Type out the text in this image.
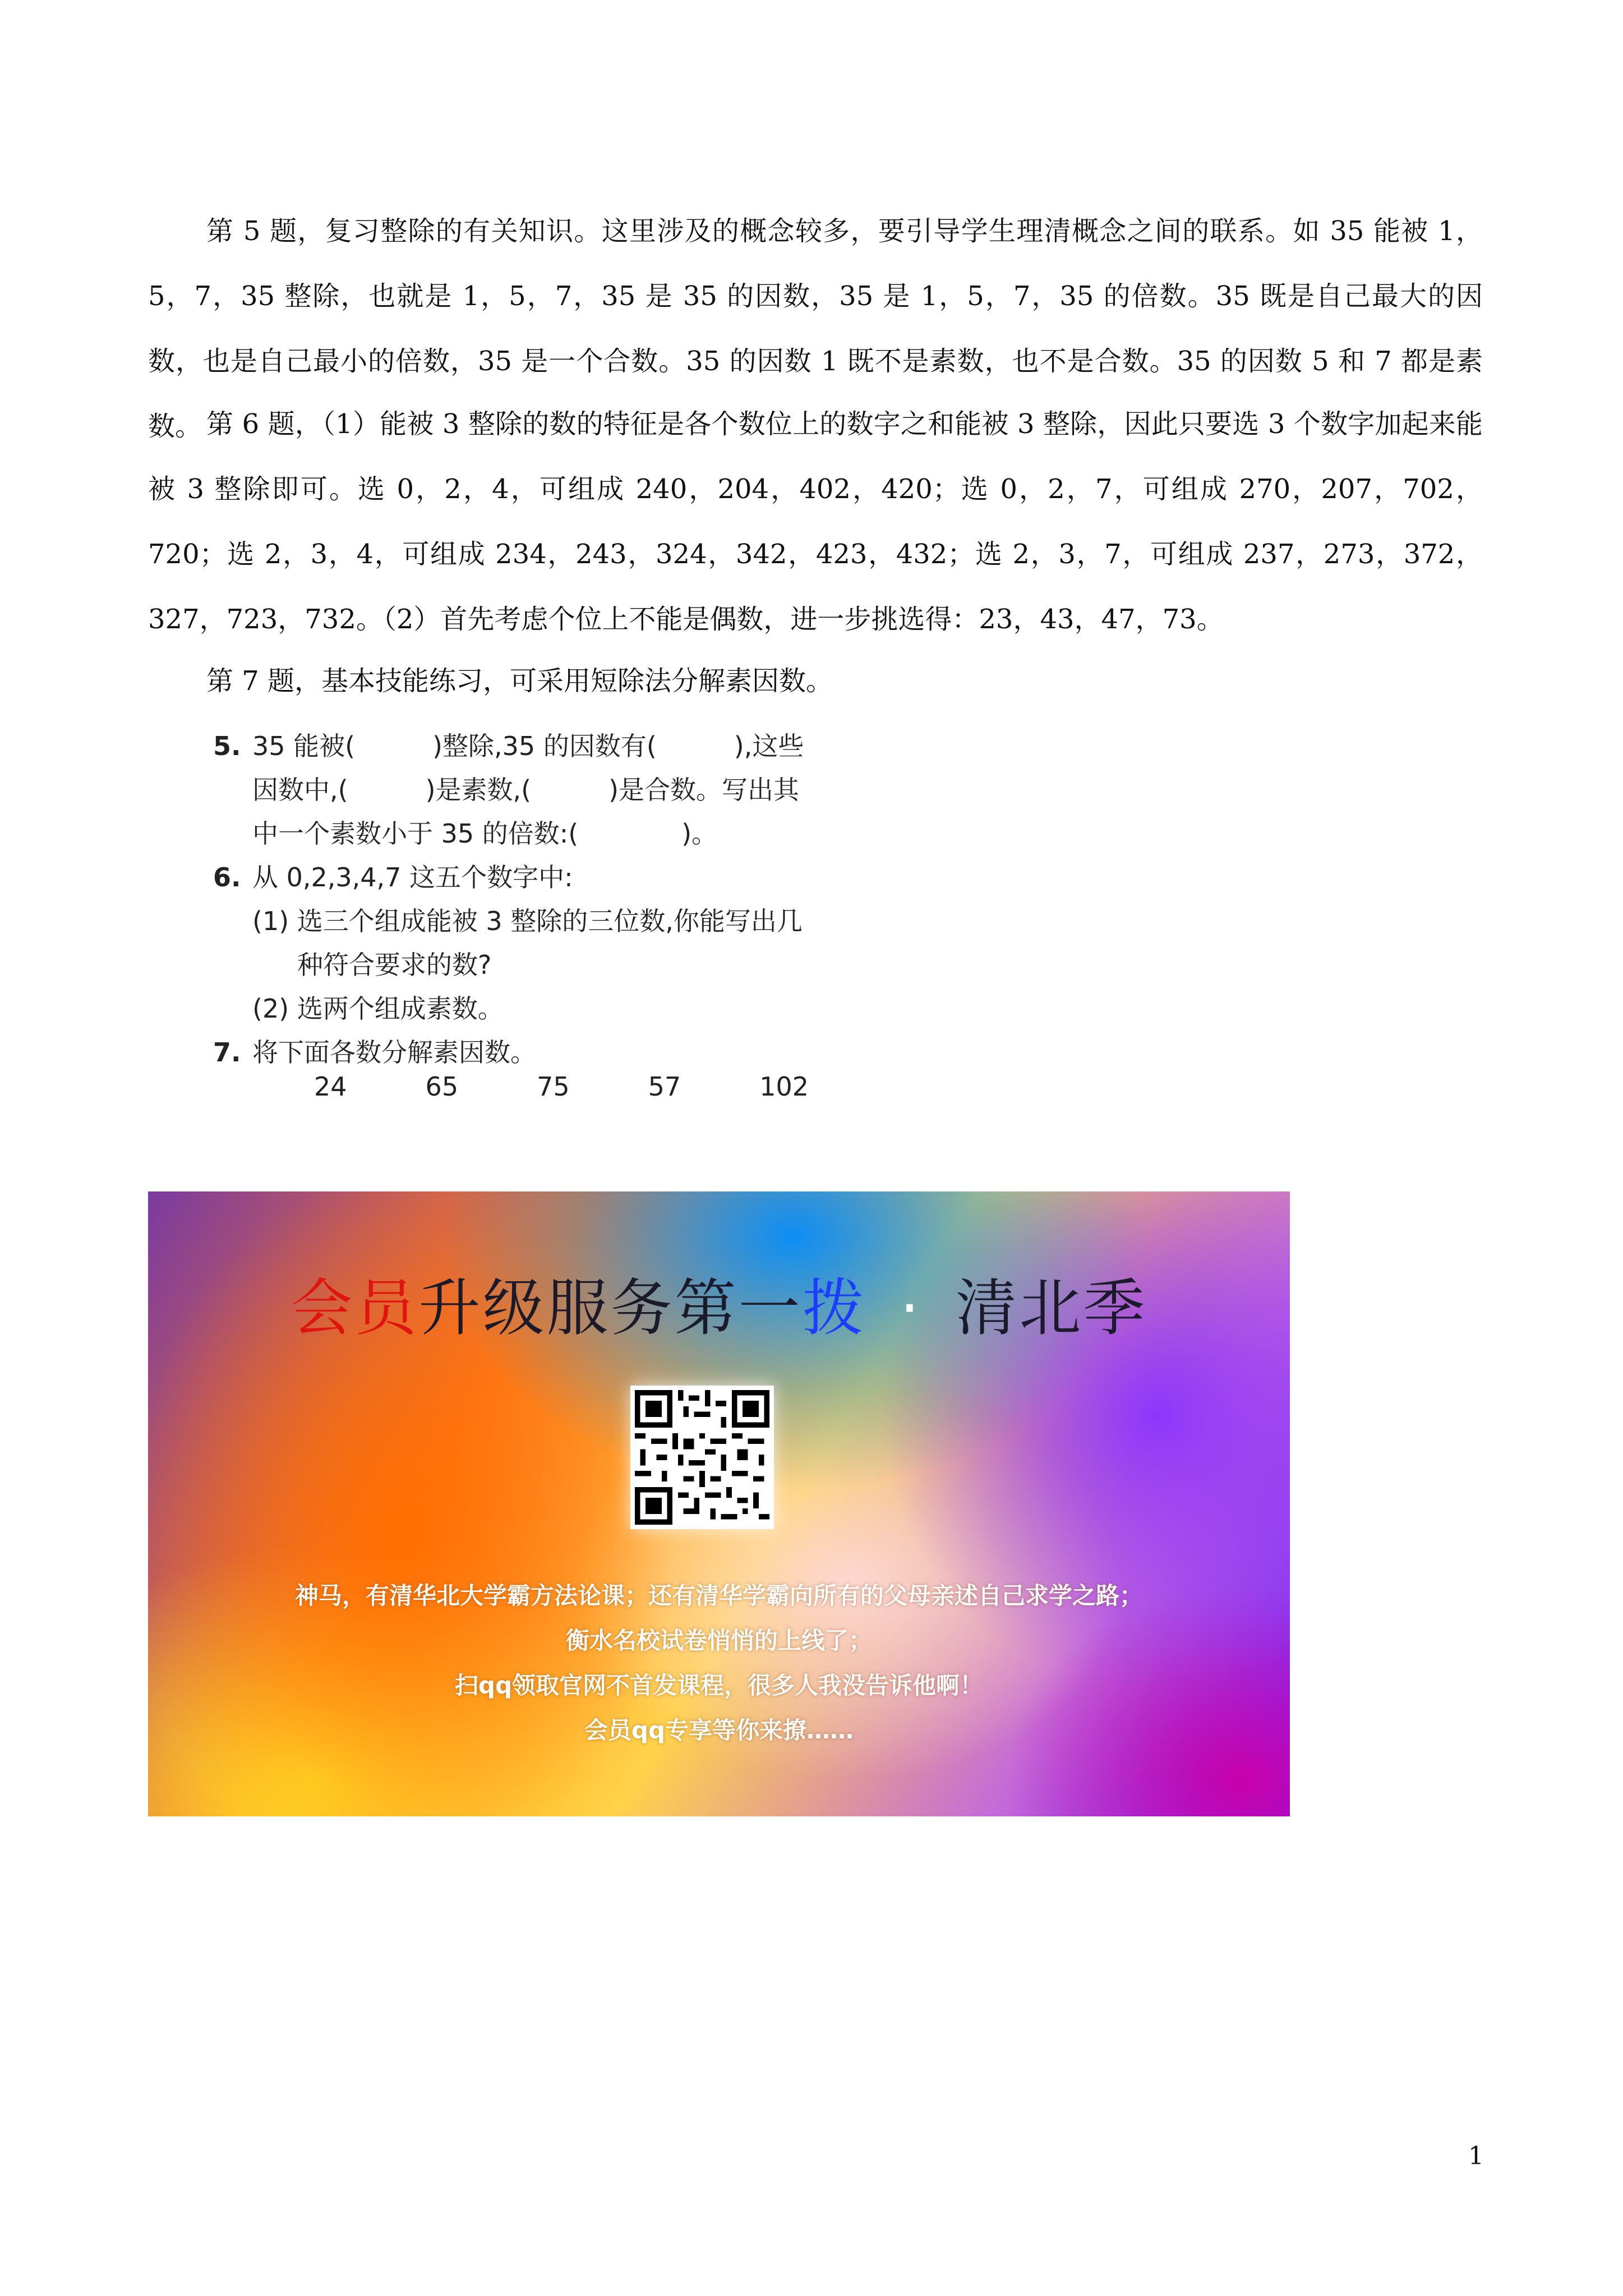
第 5 题，复习整除的有关知识。这里涉及的概念较多，要引导学生理清概念之间的联系。如 35 能被 1，5，7，35 整除，也就是 1，5，7，35 是 35 的因数，35 是 1，5，7，35 的倍数。35 既是自己最大的因数，也是自己最小的倍数，35 是一个合数。35 的因数 1 既不是素数，也不是合数。35 的因数 5 和 7 都是素数。 第 6 题，（1）能被 3 整除的数的特征是各个数位上的数字之和能被 3 整除，因此只要选 3 个数字加起来能被 3 整除即可。选 0，2，4，可组成 240，204，402，420；选 0，2，7，可组成 270，207，702，720；选 2，3，4，可组成 234，243，324，342，423，432；选 2，3，7，可组成 237，273，372，327，723，732。（2）首先考虑个位上不能是偶数，进一步挑选得：23，43，47，73。

第 7 题，基本技能练习，可采用短除法分解素因数。

5. 35 能被(　　　)整除,35 的因数有(　　　),这些
因数中,(　　　)是素数,(　　　)是合数。写出其
中一个素数小于 35 的倍数:(　　　　)。
6. 从 0,2,3,4,7 这五个数字中:
(1) 选三个组成能被 3 整除的三位数,你能写出几
种符合要求的数?
(2) 选两个组成素数。
7. 将下面各数分解素因数。
24	65	75	57	102
会员升级服务第一拨 · 清北季
神马，有清华北大学霸方法论课；还有清华学霸向所有的父母亲述自己求学之路；
衡水名校试卷悄悄的上线了；
扫qq领取官网不首发课程，很多人我没告诉他啊！
会员qq专享等你来撩……
1
